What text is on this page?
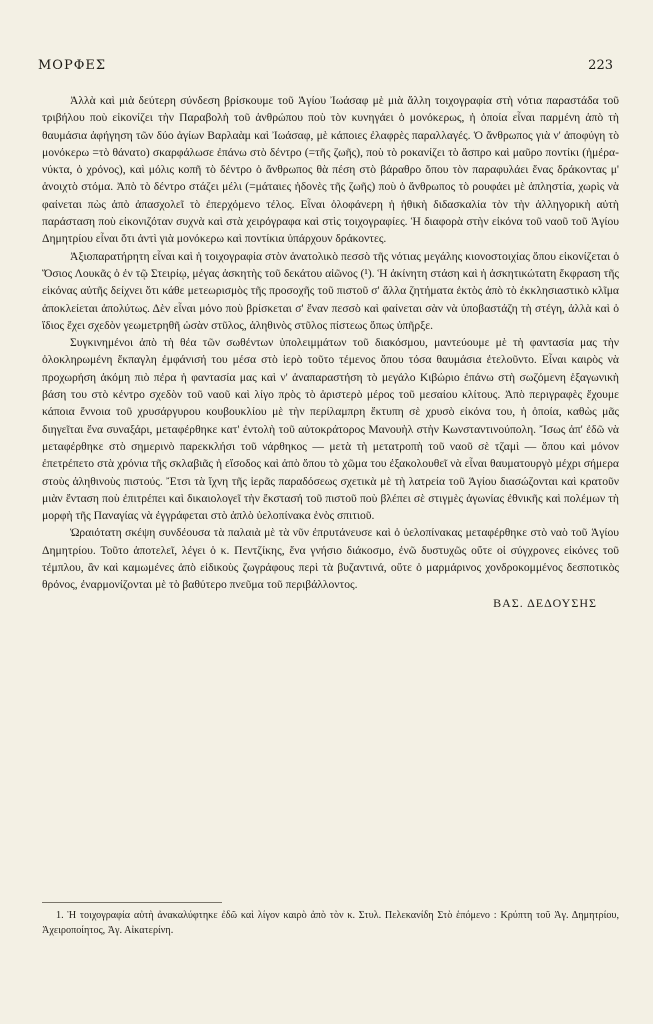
ΜΟΡΦΕΣ	223

Ἀλλὰ καὶ μιὰ δεύτερη σύνδεση βρίσκουμε τοῦ Ἁγίου Ἰωάσαφ μὲ μιὰ ἄλλη τοιχογραφία στὴ νότια παραστάδα τοῦ τριβήλου ποὺ εἰκονίζει τὴν Παραβολὴ τοῦ ἀνθρώπου ποὺ τὸν κυνηγάει ὁ μονόκερως, ἡ ὁποία εἶναι παρμένη ἀπὸ τὴ θαυμάσια ἀφήγηση τῶν δύο ἁγίων Βαρλαὰμ καὶ Ἰωάσαφ, μὲ κάποιες ἐλαφρὲς παραλλαγές. Ὁ ἄνθρωπος γιὰ ν' ἀποφύγη τὸ μονόκερω =τὸ θάνατο) σκαρφάλωσε ἐπάνω στὸ δέντρο (=τῆς ζωῆς), ποὺ τὸ ροκανίζει τὸ ἄσπρο καὶ μαῦρο ποντίκι (ἡμέρα-νύκτα, ὁ χρόνος), καὶ μόλις κοπῆ τὸ δέντρο ὁ ἄνθρωπος θὰ πέση στὸ βάραθρο ὅπου τὸν παραφυλάει ἕνας δράκοντας μ' ἀνοιχτὸ στόμα. Ἀπὸ τὸ δέντρο στάζει μέλι (=μάταιες ἡδονὲς τῆς ζωῆς) ποὺ ὁ ἄνθρωπος τὸ ρουφάει μὲ ἀπληστία, χωρὶς νὰ φαίνεται πὼς ἀπὸ ἀπασχολεῖ τὸ ἐπερχόμενο τέλος. Εἶναι ὁλοφάνερη ἡ ἠθικὴ διδασκαλία τὸν τὴν ἀλληγορικὴ αὐτὴ παράσταση ποὺ εἰκονιζόταν συχνὰ καὶ στὰ χειρόγραφα καὶ στὶς τοιχογραφίες. Ἡ διαφορὰ στὴν εἰκόνα τοῦ ναοῦ τοῦ Ἁγίου Δημητρίου εἶναι ὅτι ἀντὶ γιὰ μονόκερω καὶ ποντίκια ὑπάρχουν δράκοντες.

Ἀξιοπαρατήρητη εἶναι καὶ ἡ τοιχογραφία στὸν ἀνατολικὸ πεσσὸ τῆς νότιας μεγάλης κιονοστοιχίας ὅπου εἰκονίζεται ὁ Ὅσιος Λουκᾶς ὁ ἐν τῷ Στειρίῳ, μέγας ἀσκητὴς τοῦ δεκάτου αἰῶνος (¹). Ἡ ἀκίνητη στάση καὶ ἡ ἀσκητικώτατη ἔκφραση τῆς εἰκόνας αὐτῆς δείχνει ὅτι κάθε μετεωρισμὸς τῆς προσοχῆς τοῦ πιστοῦ σ' ἄλλα ζητήματα ἐκτὸς ἀπὸ τὸ ἐκκλησιαστικὸ κλῖμα ἀποκλείεται ἀπολύτως. Δὲν εἶναι μόνο ποὺ βρίσκεται σ' ἕναν πεσσὸ καὶ φαίνεται σὰν νὰ ὑποβαστάζη τὴ στέγη, ἀλλὰ καὶ ὁ ἴδιος ἔχει σχεδὸν γεωμετρηθῆ ὡσὰν στῦλος, ἀληθινὸς στῦλος πίστεως ὅπως ὑπῆρξε.

Συγκινημένοι ἀπὸ τὴ θέα τῶν σωθέντων ὑπολειμμάτων τοῦ διακόσμου, μαντεύουμε μὲ τὴ φαντασία μας τὴν ὁλοκληρωμένη ἔκπαγλη ἐμφάνισή του μέσα στὸ ἱερὸ τοῦτο τέμενος ὅπου τόσα θαυμάσια ἐτελοῦντο. Εἶναι καιρὸς νὰ προχωρήση ἀκόμη πιὸ πέρα ἡ φαντασία μας καὶ ν' ἀναπαραστήση τὸ μεγάλο Κιβώριο ἐπάνω στὴ σωζόμενη ἑξαγωνικὴ βάση του στὸ κέντρο σχεδὸν τοῦ ναοῦ καὶ λίγο πρὸς τὸ ἀριστερὸ μέρος τοῦ μεσαίου κλίτους. Ἀπὸ περιγραφὲς ἔχουμε κάποια ἔννοια τοῦ χρυσάργυρου κουβουκλίου μὲ τὴν περίλαμπρη ἔκτυπη σὲ χρυσὸ εἰκόνα του, ἡ ὁποία, καθὼς μᾶς διηγεῖται ἕνα συναξάρι, μεταφέρθηκε κατ' ἐντολὴ τοῦ αὐτοκράτορος Μανουὴλ στὴν Κωνσταντινούπολη. Ἴσως ἀπ' ἐδῶ νὰ μεταφέρθηκε στὸ σημερινὸ παρεκκλήσι τοῦ νάρθηκος — μετὰ τὴ μετατροπὴ τοῦ ναοῦ σὲ τζαμὶ — ὅπου καὶ μόνον ἐπετρέπετο στὰ χρόνια τῆς σκλαβιᾶς ἡ εἴσοδος καὶ ἀπὸ ὅπου τὸ χῶμα του ἐξακολουθεῖ νὰ εἶναι θαυματουργὸ μέχρι σήμερα στοὺς ἀληθινοὺς πιστούς. Ἔτσι τὰ ἴχνη τῆς ἱερᾶς παραδόσεως σχετικὰ μὲ τὴ λατρεία τοῦ Ἁγίου διασώζονται καὶ κρατοῦν μιὰν ἔνταση ποὺ ἐπιτρέπει καὶ δικαιολογεῖ τὴν ἔκστασή τοῦ πιστοῦ ποὺ βλέπει σὲ στιγμὲς ἀγωνίας ἐθνικῆς καὶ πολέμων τὴ μορφὴ τῆς Παναγίας νὰ ἐγγράφεται στὸ ἁπλὸ ὑελοπίνακα ἑνὸς σπιτιοῦ.

Ὡραιότατη σκέψη συνδέουσα τὰ παλαιὰ μὲ τὰ νῦν ἐπρυτάνευσε καὶ ὁ ὑελοπίνακας μεταφέρθηκε στὸ ναὸ τοῦ Ἁγίου Δημητρίου. Τοῦτο ἀποτελεῖ, λέγει ὁ κ. Πεντζίκης, ἕνα γνήσιο διάκοσμο, ἐνῶ δυστυχῶς οὔτε οἱ σύγχρονες εἰκόνες τοῦ τέμπλου, ἂν καὶ καμωμένες ἀπὸ εἰδικοὺς ζωγράφους περὶ τὰ βυζαντινά, οὔτε ὁ μαρμάρινος χονδροκομμένος δεσποτικὸς θρόνος, ἐναρμονίζονται μὲ τὸ βαθύτερο πνεῦμα τοῦ περιβάλλοντος.

ΒΑΣ. ΔΕΔΟΥΣΗΣ

1. Ἡ τοιχογραφία αὐτὴ ἀνακαλύφτηκε ἐδῶ καὶ λίγον καιρὸ ἀπὸ τὸν κ. Στυλ. Πελεκανίδη Στὸ ἑπόμενο : Κρύπτη τοῦ Ἁγ. Δημητρίου, Ἀχειροποίητος, Ἁγ. Αἰκατερίνη.
